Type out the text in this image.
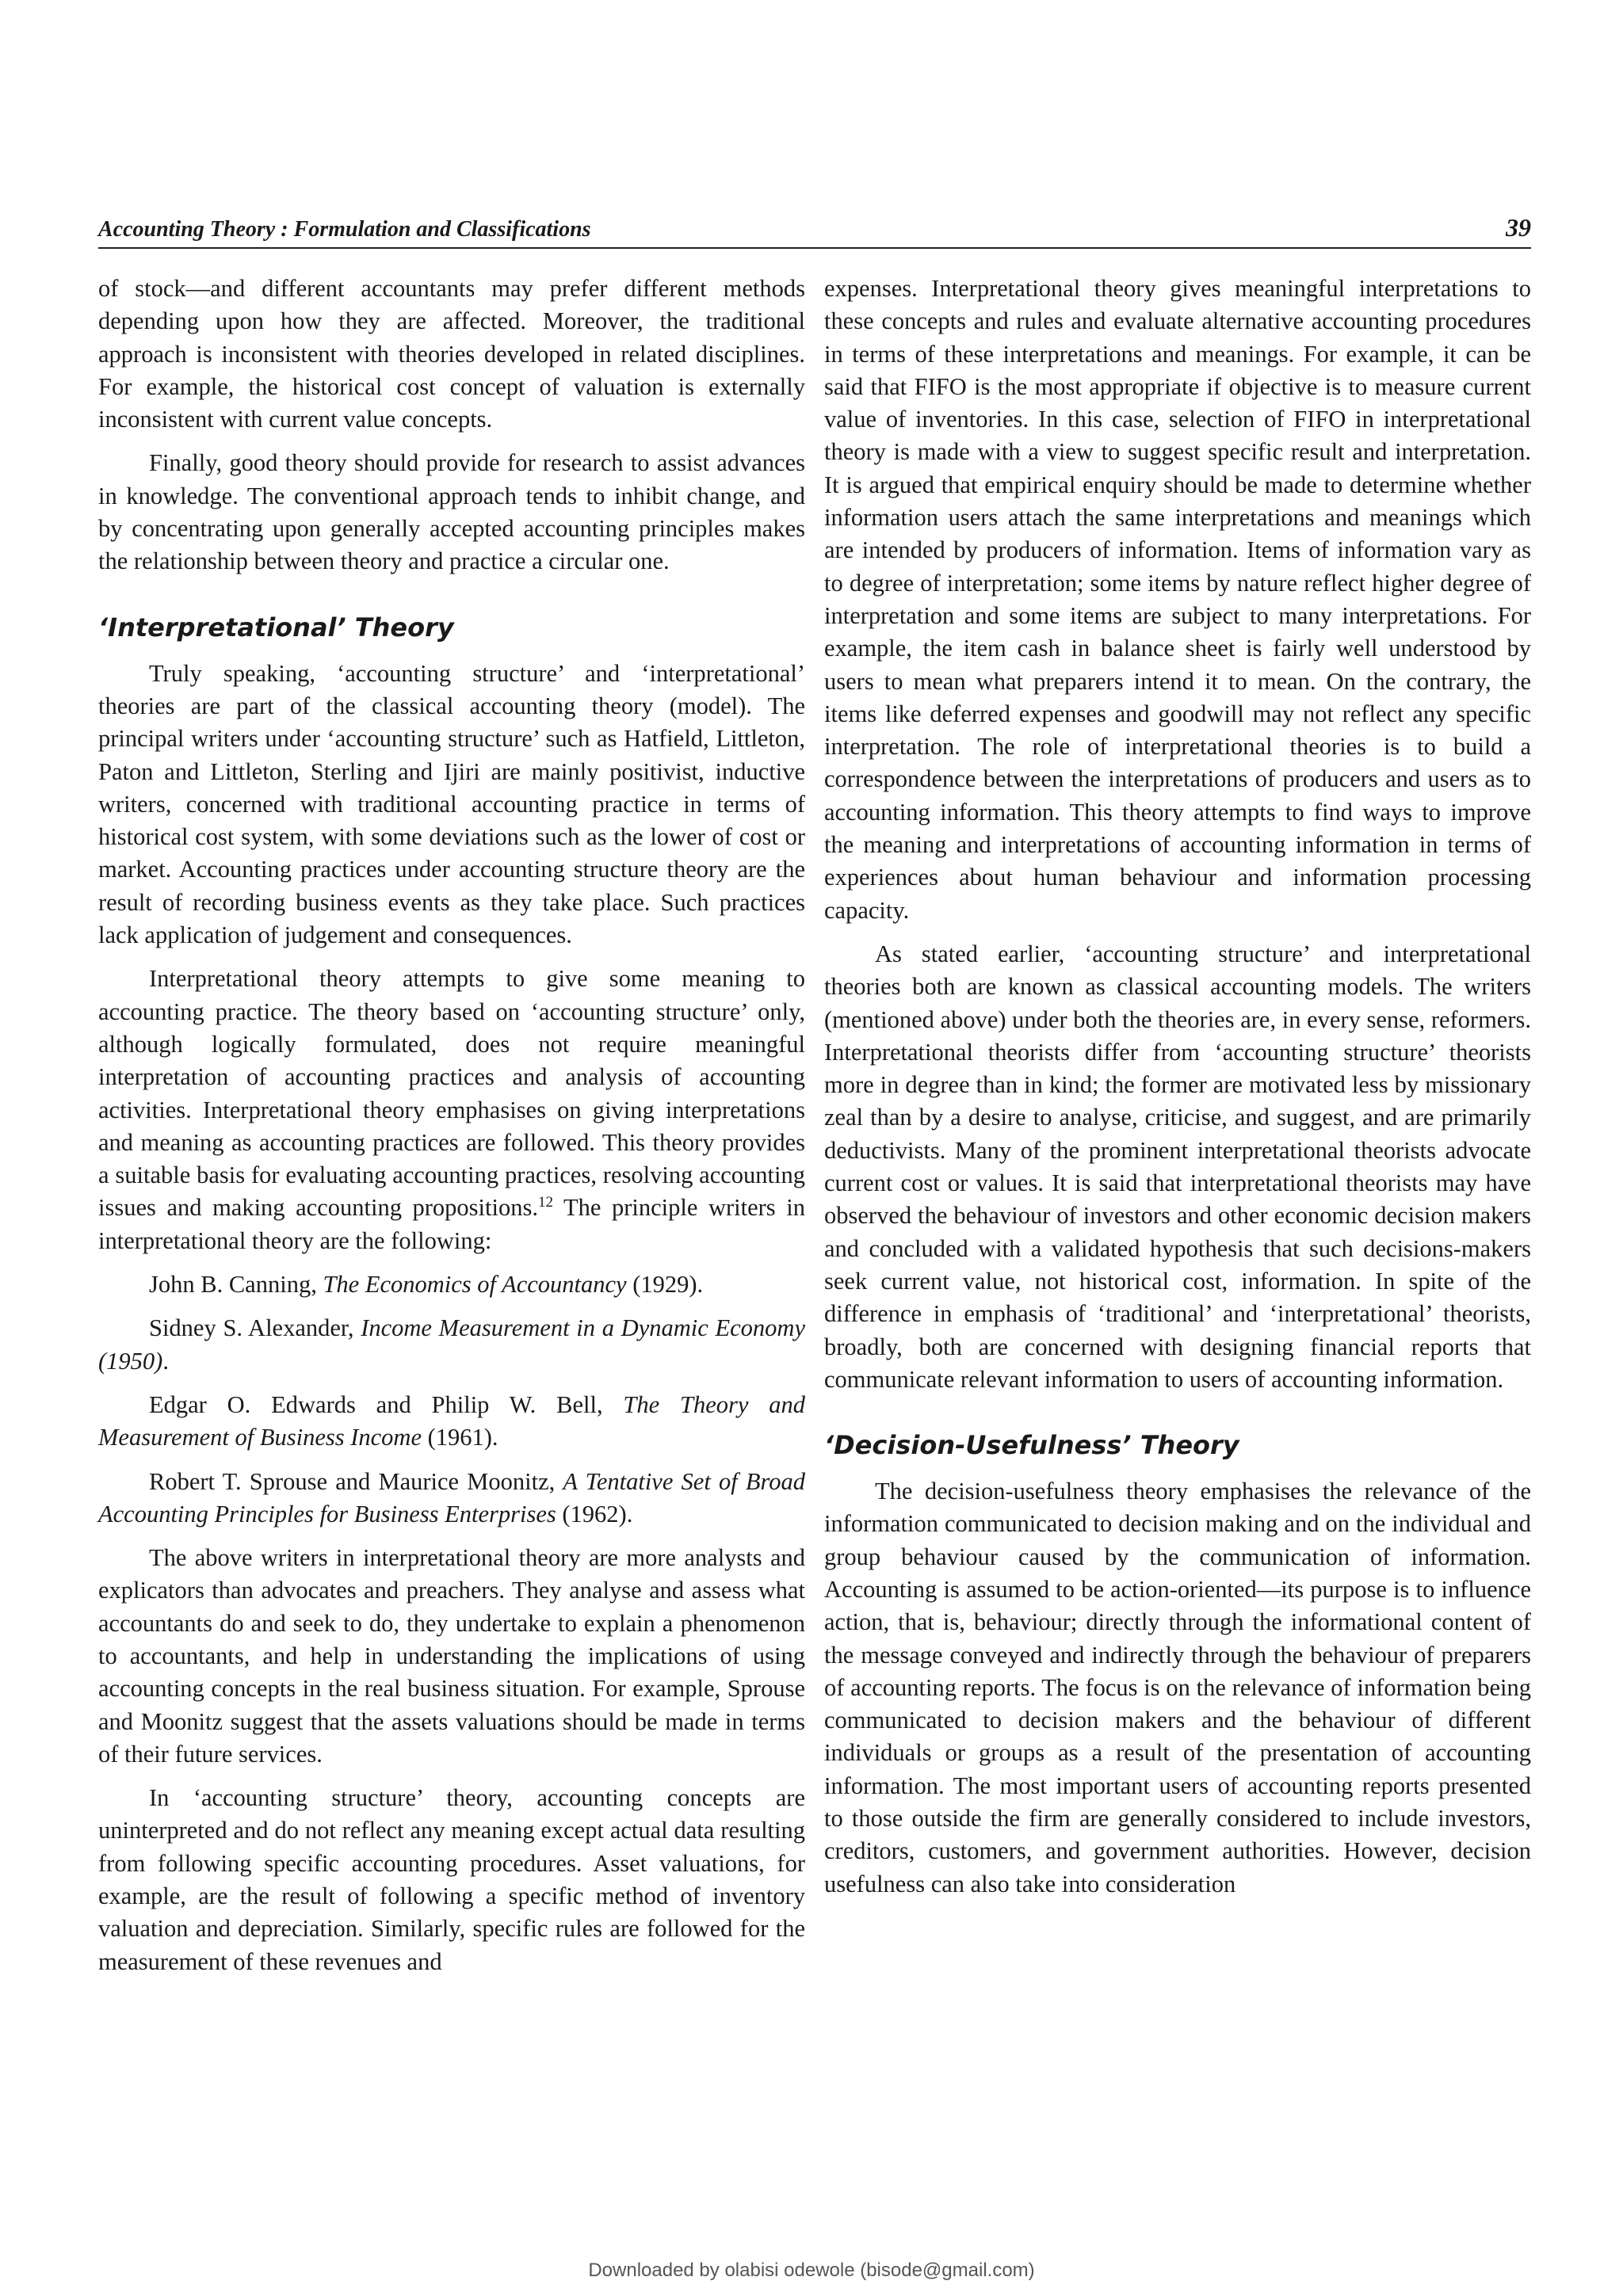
Accounting Theory : Formulation and Classifications	39

of stock—and different accountants may prefer different methods depending upon how they are affected. Moreover, the traditional approach is inconsistent with theories developed in related disciplines. For example, the historical cost concept of valuation is externally inconsistent with current value concepts.

Finally, good theory should provide for research to assist advances in knowledge. The conventional approach tends to inhibit change, and by concentrating upon generally accepted accounting principles makes the relationship between theory and practice a circular one.

‘Interpretational’ Theory

Truly speaking, ‘accounting structure’ and ‘interpretational’ theories are part of the classical accounting theory (model). The principal writers under ‘accounting structure’ such as Hatfield, Littleton, Paton and Littleton, Sterling and Ijiri are mainly positivist, inductive writers, concerned with traditional accounting practice in terms of historical cost system, with some deviations such as the lower of cost or market. Accounting practices under accounting structure theory are the result of recording business events as they take place. Such practices lack application of judgement and consequences.

Interpretational theory attempts to give some meaning to accounting practice. The theory based on ‘accounting structure’ only, although logically formulated, does not require meaningful interpretation of accounting practices and analysis of accounting activities. Interpretational theory emphasises on giving interpretations and meaning as accounting practices are followed. This theory provides a suitable basis for evaluating accounting practices, resolving accounting issues and making accounting propositions.$^{12}$ The principle writers in interpretational theory are the following:

John B. Canning, The Economics of Accountancy (1929).

Sidney S. Alexander, Income Measurement in a Dynamic Economy (1950).

Edgar O. Edwards and Philip W. Bell, The Theory and Measurement of Business Income (1961).

Robert T. Sprouse and Maurice Moonitz, A Tentative Set of Broad Accounting Principles for Business Enterprises (1962).

The above writers in interpretational theory are more analysts and explicators than advocates and preachers. They analyse and assess what accountants do and seek to do, they undertake to explain a phenomenon to accountants, and help in understanding the implications of using accounting concepts in the real business situation. For example, Sprouse and Moonitz suggest that the assets valuations should be made in terms of their future services.

In ‘accounting structure’ theory, accounting concepts are uninterpreted and do not reflect any meaning except actual data resulting from following specific accounting procedures. Asset valuations, for example, are the result of following a specific method of inventory valuation and depreciation. Similarly, specific rules are followed for the measurement of these revenues and

expenses. Interpretational theory gives meaningful interpretations to these concepts and rules and evaluate alternative accounting procedures in terms of these interpretations and meanings. For example, it can be said that FIFO is the most appropriate if objective is to measure current value of inventories. In this case, selection of FIFO in interpretational theory is made with a view to suggest specific result and interpretation. It is argued that empirical enquiry should be made to determine whether information users attach the same interpretations and meanings which are intended by producers of information. Items of information vary as to degree of interpretation; some items by nature reflect higher degree of interpretation and some items are subject to many interpretations. For example, the item cash in balance sheet is fairly well understood by users to mean what preparers intend it to mean. On the contrary, the items like deferred expenses and goodwill may not reflect any specific interpretation. The role of interpretational theories is to build a correspondence between the interpretations of producers and users as to accounting information. This theory attempts to find ways to improve the meaning and interpretations of accounting information in terms of experiences about human behaviour and information processing capacity.

As stated earlier, ‘accounting structure’ and interpretational theories both are known as classical accounting models. The writers (mentioned above) under both the theories are, in every sense, reformers. Interpretational theorists differ from ‘accounting structure’ theorists more in degree than in kind; the former are motivated less by missionary zeal than by a desire to analyse, criticise, and suggest, and are primarily deductivists. Many of the prominent interpretational theorists advocate current cost or values. It is said that interpretational theorists may have observed the behaviour of investors and other economic decision makers and concluded with a validated hypothesis that such decisions-makers seek current value, not historical cost, information. In spite of the difference in emphasis of ‘traditional’ and ‘interpretational’ theorists, broadly, both are concerned with designing financial reports that communicate relevant information to users of accounting information.

‘Decision-Usefulness’ Theory

The decision-usefulness theory emphasises the relevance of the information communicated to decision making and on the individual and group behaviour caused by the communication of information. Accounting is assumed to be action-oriented—its purpose is to influence action, that is, behaviour; directly through the informational content of the message conveyed and indirectly through the behaviour of preparers of accounting reports. The focus is on the relevance of information being communicated to decision makers and the behaviour of different individuals or groups as a result of the presentation of accounting information. The most important users of accounting reports presented to those outside the firm are generally considered to include investors, creditors, customers, and government authorities. However, decision usefulness can also take into consideration

Downloaded by olabisi odewole (bisode@gmail.com)
